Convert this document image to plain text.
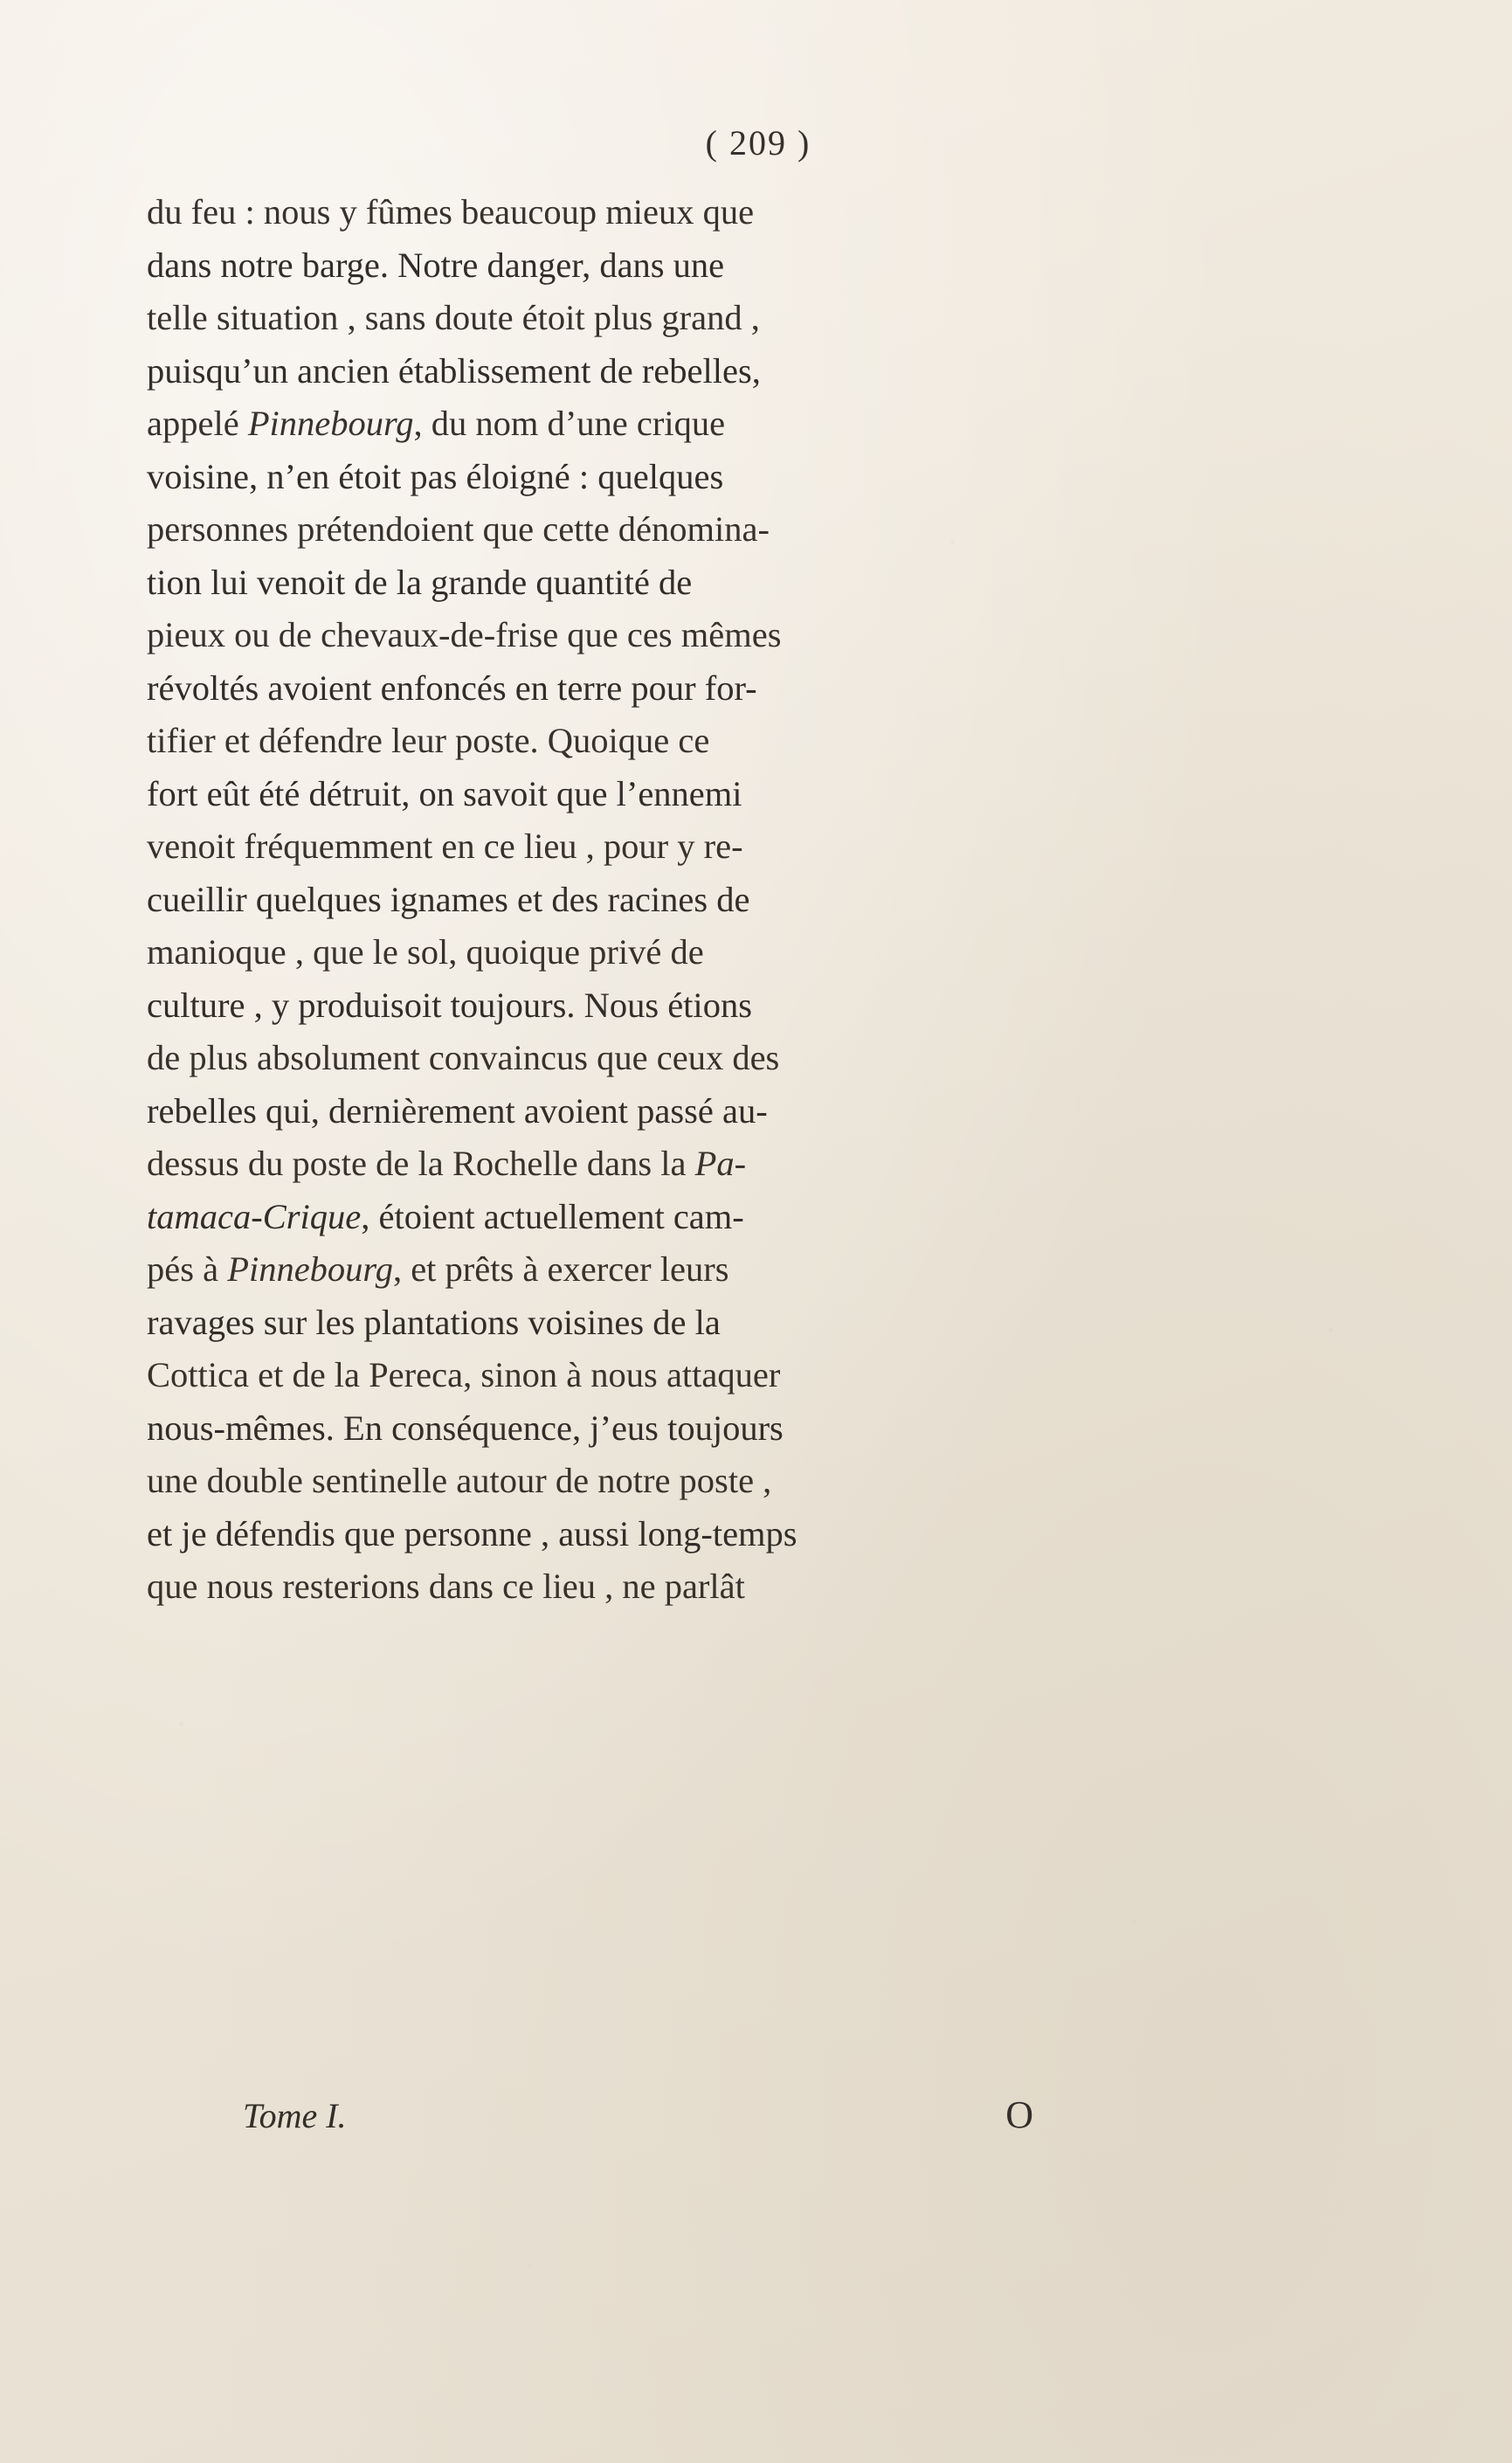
( 209 )
du feu : nous y fûmes beaucoup mieux que
dans notre barge. Notre danger, dans une
telle situation , sans doute étoit plus grand ,
puisqu’un ancien établissement de rebelles,
appelé Pinnebourg, du nom d’une crique
voisine, n’en étoit pas éloigné : quelques
personnes prétendoient que cette dénomina-
tion lui venoit de la grande quantité de
pieux ou de chevaux-de-frise que ces mêmes
révoltés avoient enfoncés en terre pour for-
tifier et défendre leur poste. Quoique ce
fort eût été détruit, on savoit que l’ennemi
venoit fréquemment en ce lieu , pour y re-
cueillir quelques ignames et des racines de
manioque , que le sol, quoique privé de
culture , y produisoit toujours. Nous étions
de plus absolument convaincus que ceux des
rebelles qui, dernièrement avoient passé au-
dessus du poste de la Rochelle dans la Pa-
tamaca-Crique, étoient actuellement cam-
pés à Pinnebourg, et prêts à exercer leurs
ravages sur les plantations voisines de la
Cottica et de la Pereca, sinon à nous attaquer
nous-mêmes. En conséquence, j’eus toujours
une double sentinelle autour de notre poste ,
et je défendis que personne , aussi long-temps
que nous resterions dans ce lieu , ne parlât
Tome I.	O
